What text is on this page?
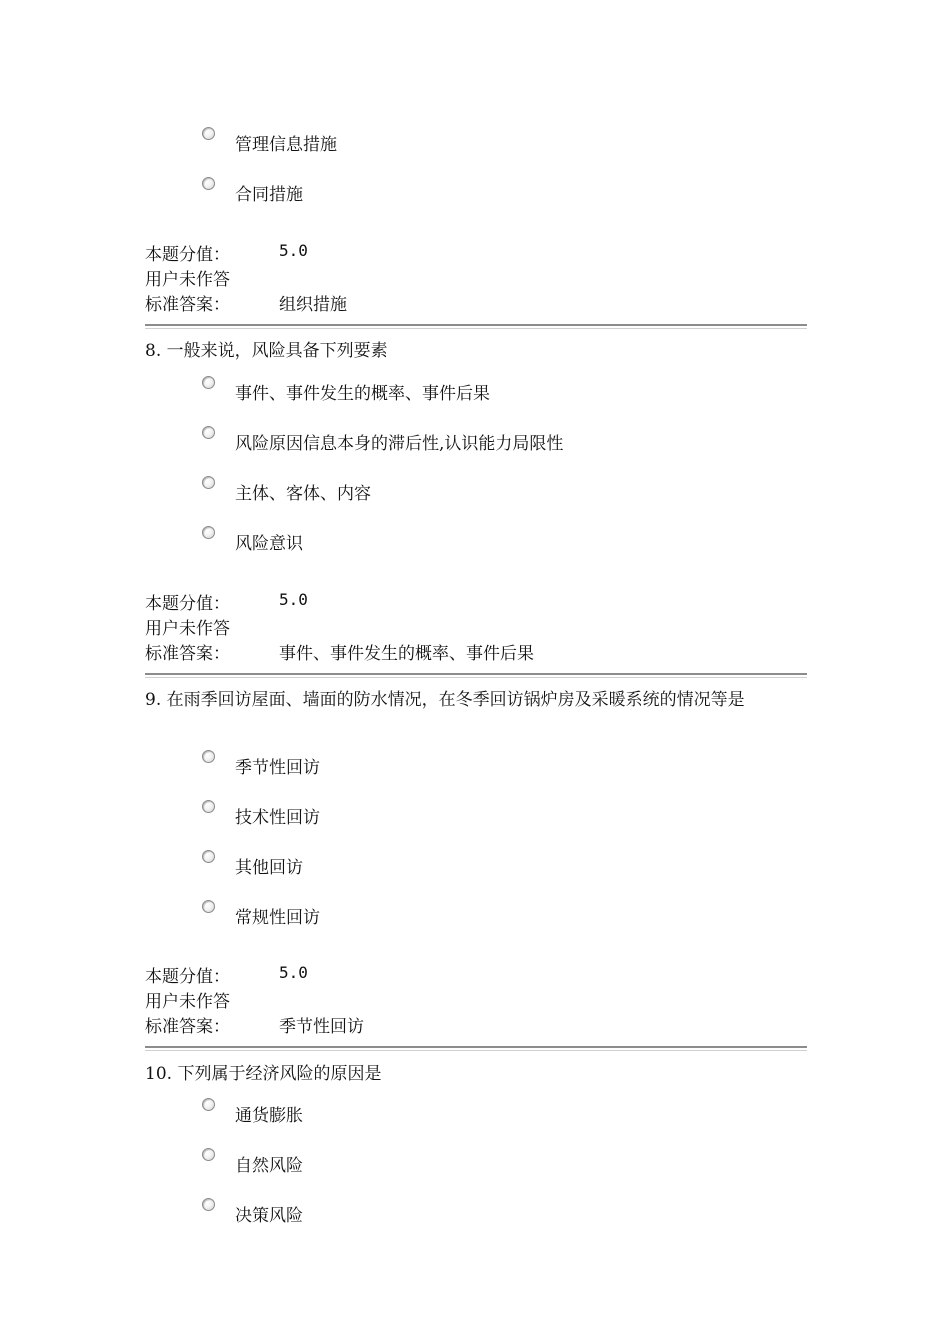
管理信息措施
合同措施
本题分值：	5.0
用户未作答
标准答案：	组织措施
8. 一般来说，风险具备下列要素
事件、事件发生的概率、事件后果
风险原因信息本身的滞后性,认识能力局限性
主体、客体、内容
风险意识
本题分值：	5.0
用户未作答
标准答案：	事件、事件发生的概率、事件后果
9. 在雨季回访屋面、墙面的防水情况，在冬季回访锅炉房及采暖系统的情况等是
季节性回访
技术性回访
其他回访
常规性回访
本题分值：	5.0
用户未作答
标准答案：	季节性回访
10. 下列属于经济风险的原因是
通货膨胀
自然风险
决策风险
